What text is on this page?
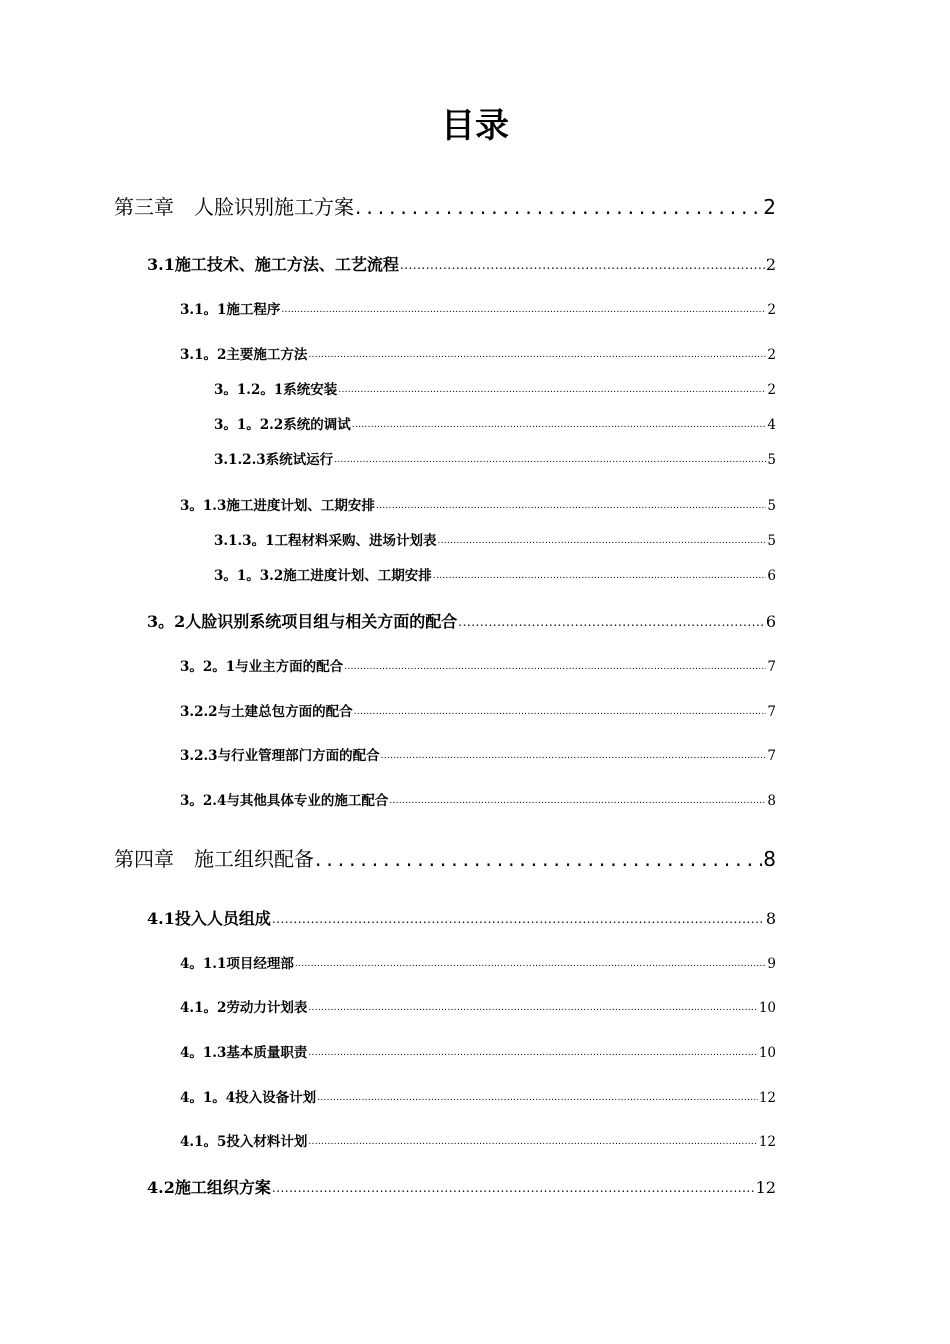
目录
第三章　人脸识别施工方案 .....	2
3.1施工技术、施工方法、工艺流程 .....	2
3.1。1施工程序 .....	2
3.1。2主要施工方法 .....	2
3。1.2。1系统安装 .....	2
3。1。2.2系统的调试 .....	4
3.1.2.3系统试运行 .....	5
3。1.3施工进度计划、工期安排 .....	5
3.1.3。1工程材料采购、进场计划表 .....	5
3。1。3.2施工进度计划、工期安排 .....	6
3。2人脸识别系统项目组与相关方面的配合 .....	6
3。2。1与业主方面的配合 .....	7
3.2.2与土建总包方面的配合 .....	7
3.2.3与行业管理部门方面的配合 .....	7
3。2.4与其他具体专业的施工配合 .....	8
第四章　施工组织配备 .....	8
4.1投入人员组成 .....	8
4。1.1项目经理部 .....	9
4.1。2劳动力计划表 .....	10
4。1.3基本质量职责 .....	10
4。1。4投入设备计划 .....	12
4.1。5投入材料计划 .....	12
4.2施工组织方案 .....	12
